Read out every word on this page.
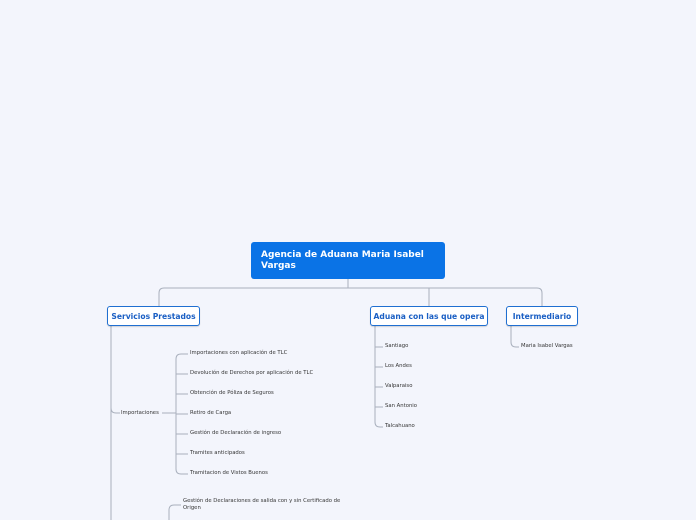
Agencia de Aduana Maria Isabel Vargas
Servicios Prestados	Aduana con las que opera	Intermediario
Importaciones
Importaciones con aplicación de TLC
Devolución de Derechos por aplicación de TLC
Obtención de Póliza de Seguros
Retiro de Carga
Gestión de Declaración de ingreso
Tramites anticipados
Tramitacion de Vistos Buenos
Gestión de Declaraciones de salida con y sin Certificado de Origen
Santiago
Los Andes
Valparaiso
San Antonio
Talcahuano
Maria Isabel Vargas
